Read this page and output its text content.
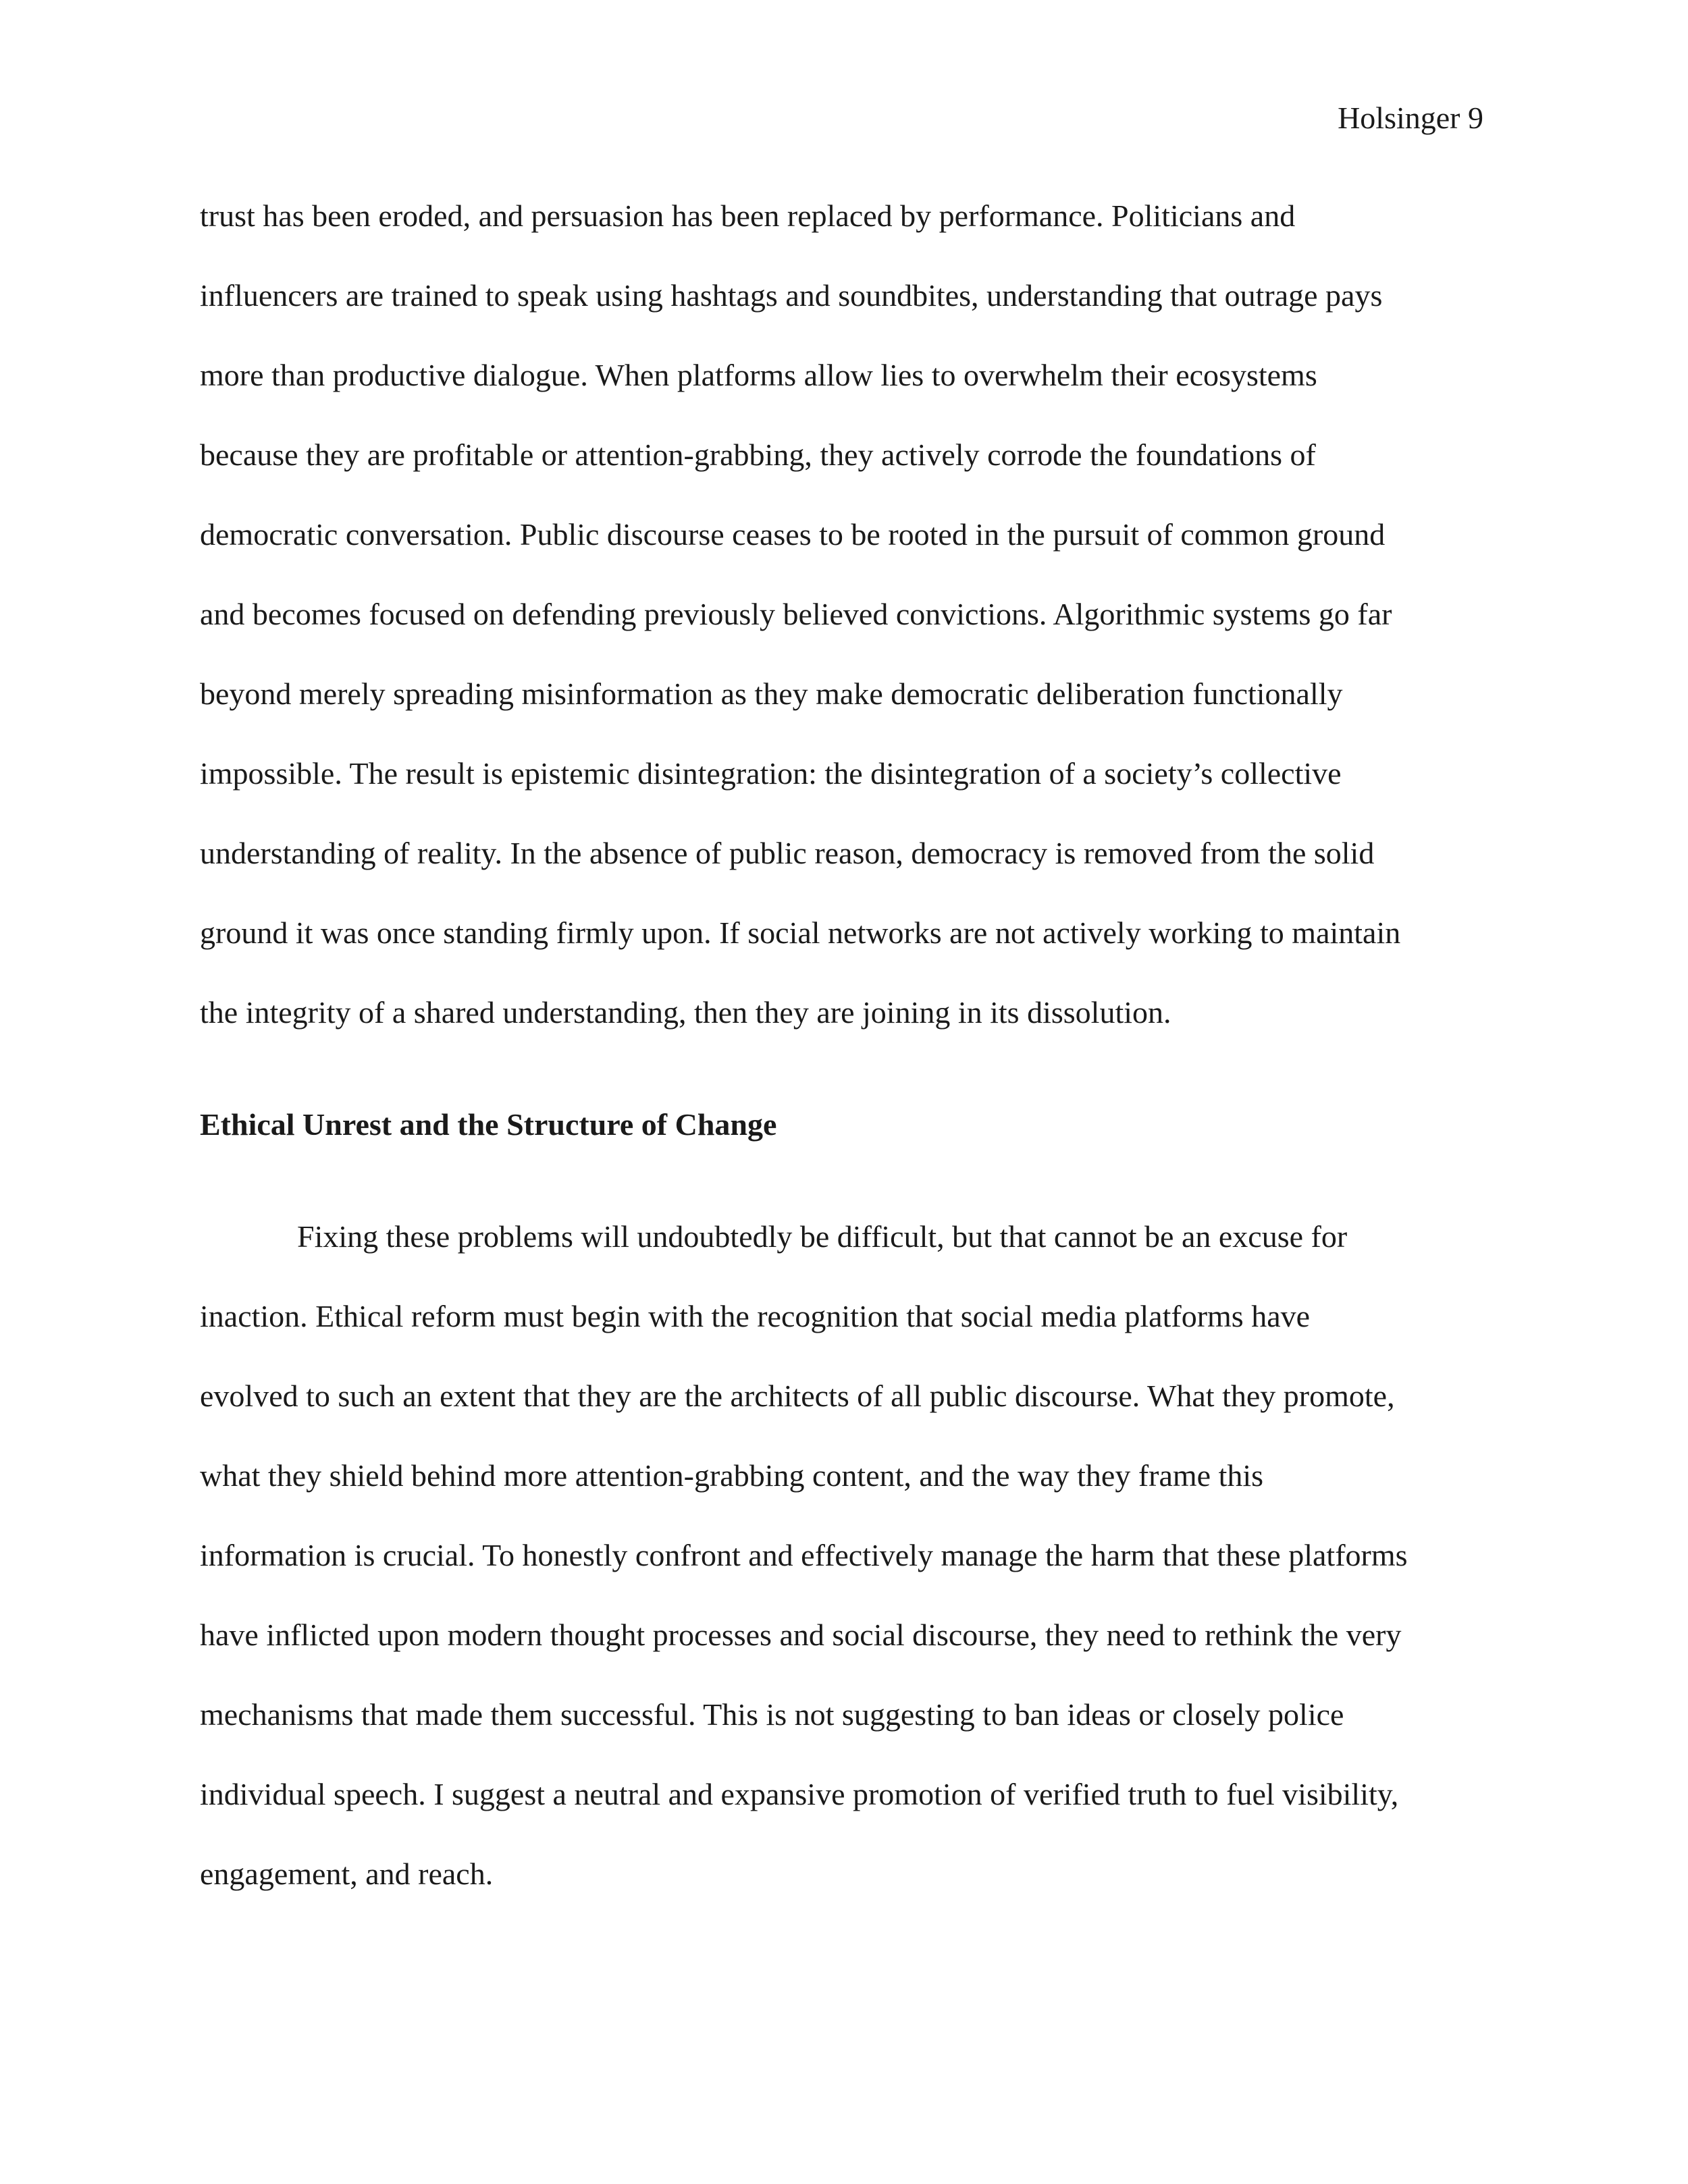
Holsinger 9
trust has been eroded, and persuasion has been replaced by performance. Politicians and
influencers are trained to speak using hashtags and soundbites, understanding that outrage pays
more than productive dialogue. When platforms allow lies to overwhelm their ecosystems
because they are profitable or attention-grabbing, they actively corrode the foundations of
democratic conversation. Public discourse ceases to be rooted in the pursuit of common ground
and becomes focused on defending previously believed convictions. Algorithmic systems go far
beyond merely spreading misinformation as they make democratic deliberation functionally
impossible. The result is epistemic disintegration: the disintegration of a society’s collective
understanding of reality. In the absence of public reason, democracy is removed from the solid
ground it was once standing firmly upon. If social networks are not actively working to maintain
the integrity of a shared understanding, then they are joining in its dissolution.
Ethical Unrest and the Structure of Change
Fixing these problems will undoubtedly be difficult, but that cannot be an excuse for
inaction. Ethical reform must begin with the recognition that social media platforms have
evolved to such an extent that they are the architects of all public discourse. What they promote,
what they shield behind more attention-grabbing content, and the way they frame this
information is crucial. To honestly confront and effectively manage the harm that these platforms
have inflicted upon modern thought processes and social discourse, they need to rethink the very
mechanisms that made them successful. This is not suggesting to ban ideas or closely police
individual speech. I suggest a neutral and expansive promotion of verified truth to fuel visibility,
engagement, and reach.
